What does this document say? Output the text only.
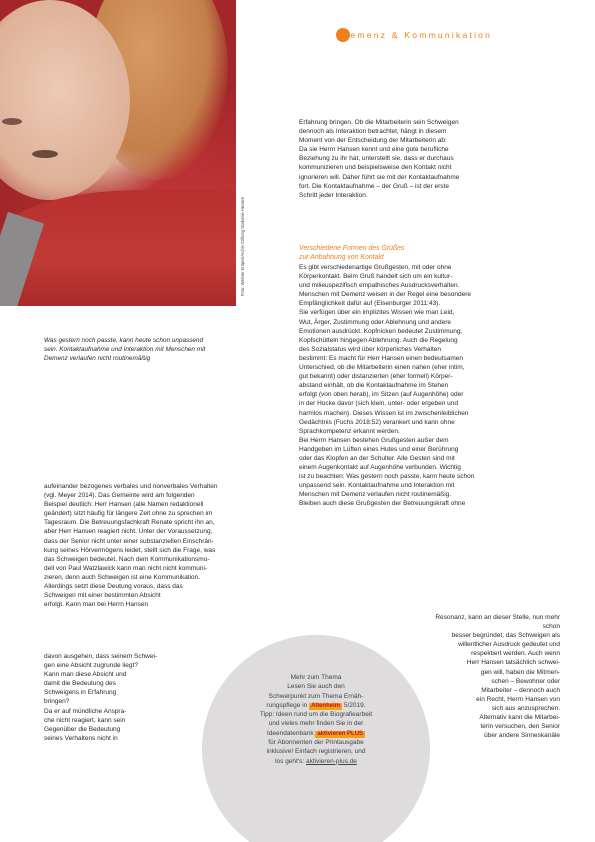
Foto: Werner Krüper/Archiv Stiftung Diakonie Hessen

Was gestern noch passte, kann heute schon unpassend sein. Kontaktaufnahme und Interaktion mit Menschen mit Demenz verlaufen nicht routinemäßig

Demenz & Kommunikation

Erfahrung bringen. Ob die Mitarbeiterin sein Schweigen
dennoch als Interaktion betrachtet, hängt in diesem
Moment von der Entscheidung der Mitarbeiterin ab:
Da sie Herrn Hansen kennt und eine gute berufliche
Beziehung zu ihr hat, unterstellt sie, dass er durchaus
kommunizieren und beispielsweise den Kontakt nicht
ignorieren will. Daher führt sie mit der Kontaktaufnahme
fort. Die Kontaktaufnahme – der Gruß – ist der erste
Schritt jeder Interaktion.

Verschiedene Formen des Grüßes
zur Anbahnung von Kontakt

Es gibt verschiedenartige Grußgesten, mit oder ohne
Körperkontakt. Beim Gruß handelt sich um ein kultur-
und milieuspezifisch empathisches Ausdrucksverhalten.
Menschen mit Demenz weisen in der Regel eine besondere
Empfänglichkeit dafür auf (Eisenburger 2011:43).
Sie verfügen über ein implizites Wissen wie man Leid,
Wut, Ärger, Zustimmung oder Ablehnung und andere
Emotionen ausdrückt. Kopfnicken bedeutet Zustimmung,
Kopfschütteln hingegen Ablehnung. Auch die Regelung
des Sozialstatus wird über körperliches Verhalten
bestimmt: Es macht für Herr Hansen einen bedeutsamen
Unterschied, ob die Mitarbeiterin einen nahen (eher intim,
gut bekannt) oder distanzierten (eher formell) Körper-
abstand einhält, ob die Kontaktaufnahme im Stehen
erfolgt (von oben herab), im Sitzen (auf Augenhöhe) oder
in der Hocke davor (sich klein, unter- oder ergeben und
harmlos machen). Dieses Wissen ist im zwischenleiblichen
Gedächtnis (Fuchs 2018:52) verankert und kann ohne
Sprachkompetenz erkannt werden.
Bei Herrn Hansen bestehen Grußgesten außer dem
Handgeben im Lüften eines Hutes und einer Berührung
oder das Klopfen an der Schulter. Alle Gesten sind mit
einem Augenkontakt auf Augenhöhe verbunden. Wichtig
ist zu beachten: Was gestern noch passte, kann heute schon
unpassend sein. Kontaktaufnahme und Interaktion mit
Menschen mit Demenz verlaufen nicht routinemäßig.
Bleiben auch diese Grußgesten der Betreuungskraft ohne

aufeinander bezogenes verbales und nonverbales Verhalten
(vgl. Meyer 2014). Das Gemeinte wird am folgenden
Beispiel deutlich: Herr Hansen (alle Namen redaktionell
geändert) sitzt häufig für längere Zeit ohne zu sprechen im
Tagesraum. Die Betreuungsfachkraft Renate spricht ihn an,
aber Herr Hansen reagiert nicht. Unter der Voraussetzung,
dass der Senior nicht unter einer substanziellen Einschrän-
kung seines Hörvermögens leidet, stellt sich die Frage, was
das Schweigen bedeutet. Nach dem Kommunikationsmo-
dell von Paul Watzlawick kann man nicht nicht kommuni-
zieren, denn auch Schweigen ist eine Kommunikation.
Allerdings setzt diese Deutung voraus, dass das
Schweigen mit einer bestimmten Absicht
erfolgt. Kann man bei Herrn Hansen

davon ausgehen, dass seinem Schwei-
gen eine Absicht zugrunde liegt?
Kann man diese Absicht und
damit die Bedeutung des
Schweigens in Erfahrung
bringen?
Da er auf mündliche Anspra-
che nicht reagiert, kann sein
Gegenüber die Bedeutung
seines Verhaltens nicht in

Resonanz, kann an dieser Stelle, nun mehr schon
besser begründet, das Schweigen als
willentlicher Ausdruck gedeutet und
respektiert werden. Auch wenn
Herr Hansen tatsächlich schwei-
gen will, haben die Mitmen-
schen – Bewohner oder
Mitarbeiter – dennoch auch
ein Recht, Herrn Hansen von
sich aus anzusprechen.
Alternativ kann die Mitarbei-
terin versuchen, den Senior
über andere Sinneskanäle

Mehr zum Thema
Lesen Sie auch den
Schwerpunkt zum Thema Ernäh-
rungspflege in Altenheim 5/2019.
Tipp: Ideen rund um die Biografiearbeit
und vieles mehr finden Sie in der
Ideendatenbank aktivieren PLUS
für Abonnenten der Printausgabe
inklusive! Einfach registrieren, und
los geht's: aktivieren-plus.de
